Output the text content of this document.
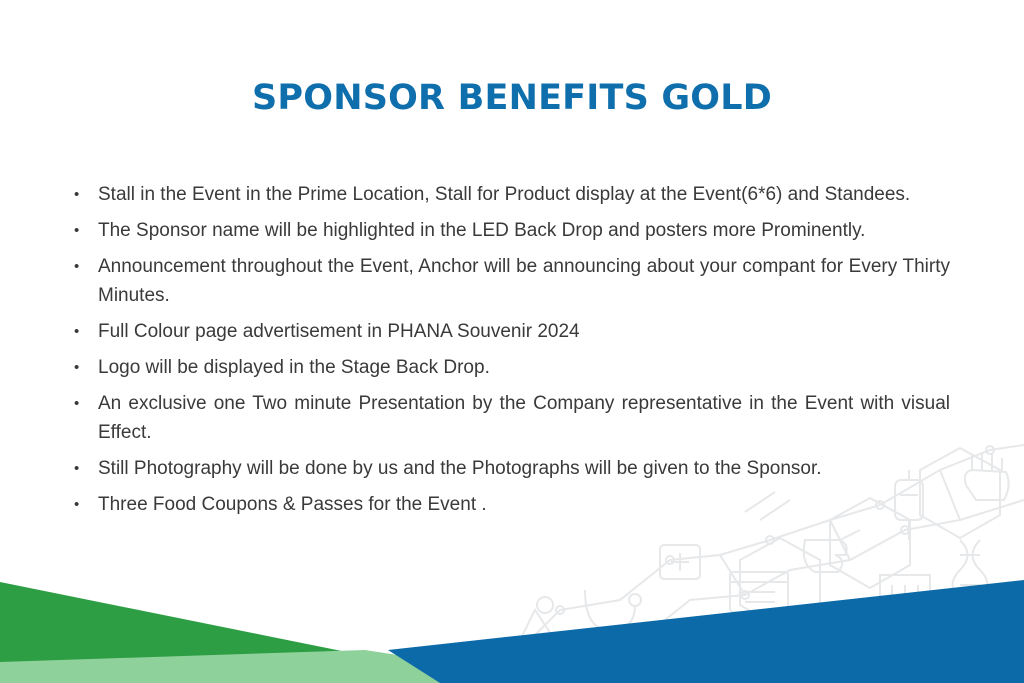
SPONSOR BENEFITS GOLD
• Stall in the Event in the Prime Location, Stall for Product display at the Event(6*6) and Standees.
• The Sponsor name will be highlighted in the LED Back Drop and posters more Prominently.
• Announcement throughout the Event, Anchor will be announcing about your compant for Every Thirty Minutes.
• Full Colour page advertisement in PHANA Souvenir 2024
• Logo will be displayed in the Stage Back Drop.
• An exclusive one Two minute Presentation by the Company representative in the Event with visual Effect.
• Still Photography will be done by us and the Photographs will be given to the Sponsor.
• Three Food Coupons & Passes for the Event .
